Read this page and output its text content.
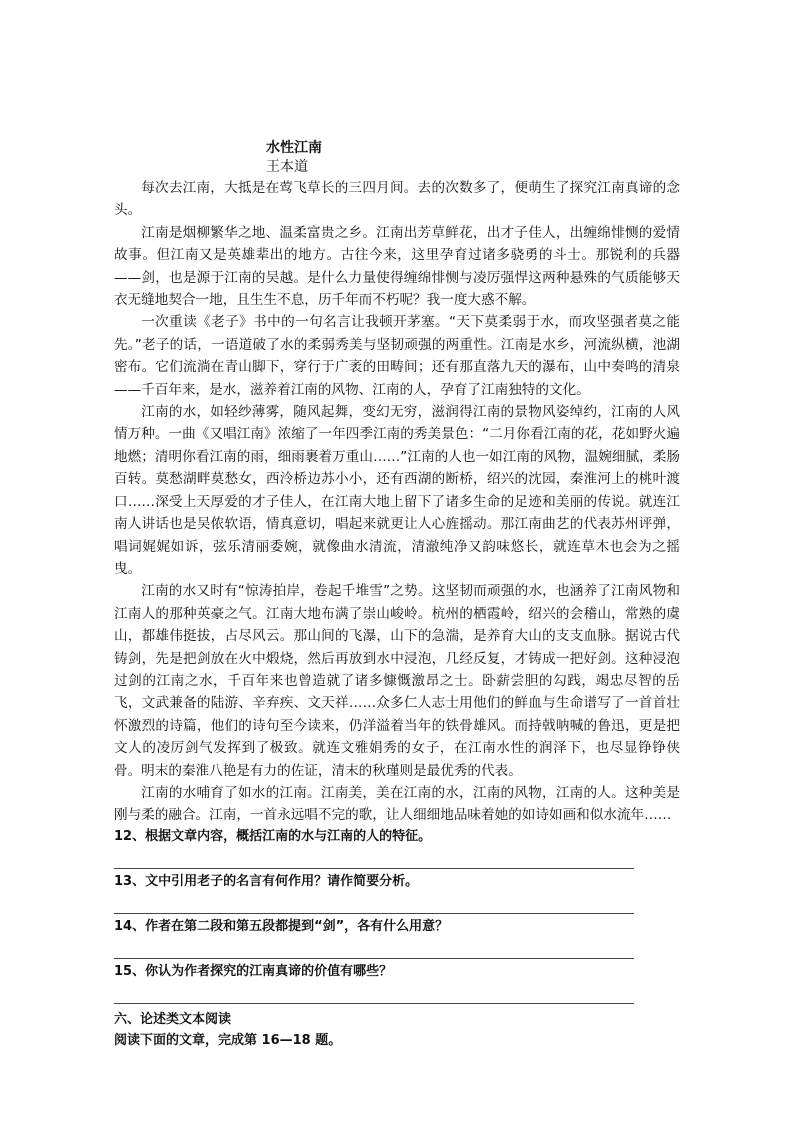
水性江南
王本道

每次去江南，大抵是在莺飞草长的三四月间。去的次数多了，便萌生了探究江南真谛的念头。

江南是烟柳繁华之地、温柔富贵之乡。江南出芳草鲜花，出才子佳人，出缠绵悱恻的爱情故事。但江南又是英雄辈出的地方。古往今来，这里孕育过诸多骁勇的斗士。那锐利的兵器——剑，也是源于江南的吴越。是什么力量使得缠绵悱恻与凌厉强悍这两种悬殊的气质能够天衣无缝地契合一地，且生生不息，历千年而不朽呢？我一度大惑不解。

一次重读《老子》书中的一句名言让我顿开茅塞。“天下莫柔弱于水，而攻坚强者莫之能先。”老子的话，一语道破了水的柔弱秀美与坚韧顽强的两重性。江南是水乡，河流纵横，池湖密布。它们流淌在青山脚下，穿行于广袤的田畴间；还有那直落九天的瀑布，山中奏鸣的清泉——千百年来，是水，滋养着江南的风物、江南的人，孕育了江南独特的文化。

江南的水，如轻纱薄雾，随风起舞，变幻无穷，滋润得江南的景物风姿绰约，江南的人风情万种。一曲《又唱江南》浓缩了一年四季江南的秀美景色：“二月你看江南的花，花如野火遍地燃；清明你看江南的雨，细雨裹着万重山……”江南的人也一如江南的风物，温婉细腻，柔肠百转。莫愁湖畔莫愁女，西泠桥边苏小小，还有西湖的断桥，绍兴的沈园，秦淮河上的桃叶渡口……深受上天厚爱的才子佳人，在江南大地上留下了诸多生命的足迹和美丽的传说。就连江南人讲话也是吴侬软语，情真意切，唱起来就更让人心旌摇动。那江南曲艺的代表苏州评弹，唱词娓娓如诉，弦乐清丽委婉，就像曲水清流，清澈纯净又韵味悠长，就连草木也会为之摇曳。

江南的水又时有“惊涛拍岸，卷起千堆雪”之势。这坚韧而顽强的水，也涵养了江南风物和江南人的那种英豪之气。江南大地布满了崇山峻岭。杭州的栖霞岭，绍兴的会稽山，常熟的虞山，都雄伟挺拔，占尽风云。那山间的飞瀑，山下的急湍，是养育大山的支支血脉。据说古代铸剑，先是把剑放在火中煅烧，然后再放到水中浸泡，几经反复，才铸成一把好剑。这种浸泡过剑的江南之水，千百年来也曾造就了诸多慷慨激昂之士。卧薪尝胆的勾践，竭忠尽智的岳飞，文武兼备的陆游、辛弃疾、文天祥……众多仁人志士用他们的鲜血与生命谱写了一首首壮怀激烈的诗篇，他们的诗句至今读来，仍洋溢着当年的铁骨雄风。而持戟呐喊的鲁迅，更是把文人的凌厉剑气发挥到了极致。就连文雅娟秀的女子，在江南水性的润泽下，也尽显铮铮侠骨。明末的秦淮八艳是有力的佐证，清末的秋瑾则是最优秀的代表。

江南的水哺育了如水的江南。江南美，美在江南的水，江南的风物，江南的人。这种美是刚与柔的融合。江南，一首永远唱不完的歌，让人细细地品味着她的如诗如画和似水流年……

12、根据文章内容，概括江南的水与江南的人的特征。

13、文中引用老子的名言有何作用？请作简要分析。

14、作者在第二段和第五段都提到“剑”，各有什么用意？

15、你认为作者探究的江南真谛的价值有哪些？

六、论述类文本阅读
阅读下面的文章，完成第 16—18 题。
